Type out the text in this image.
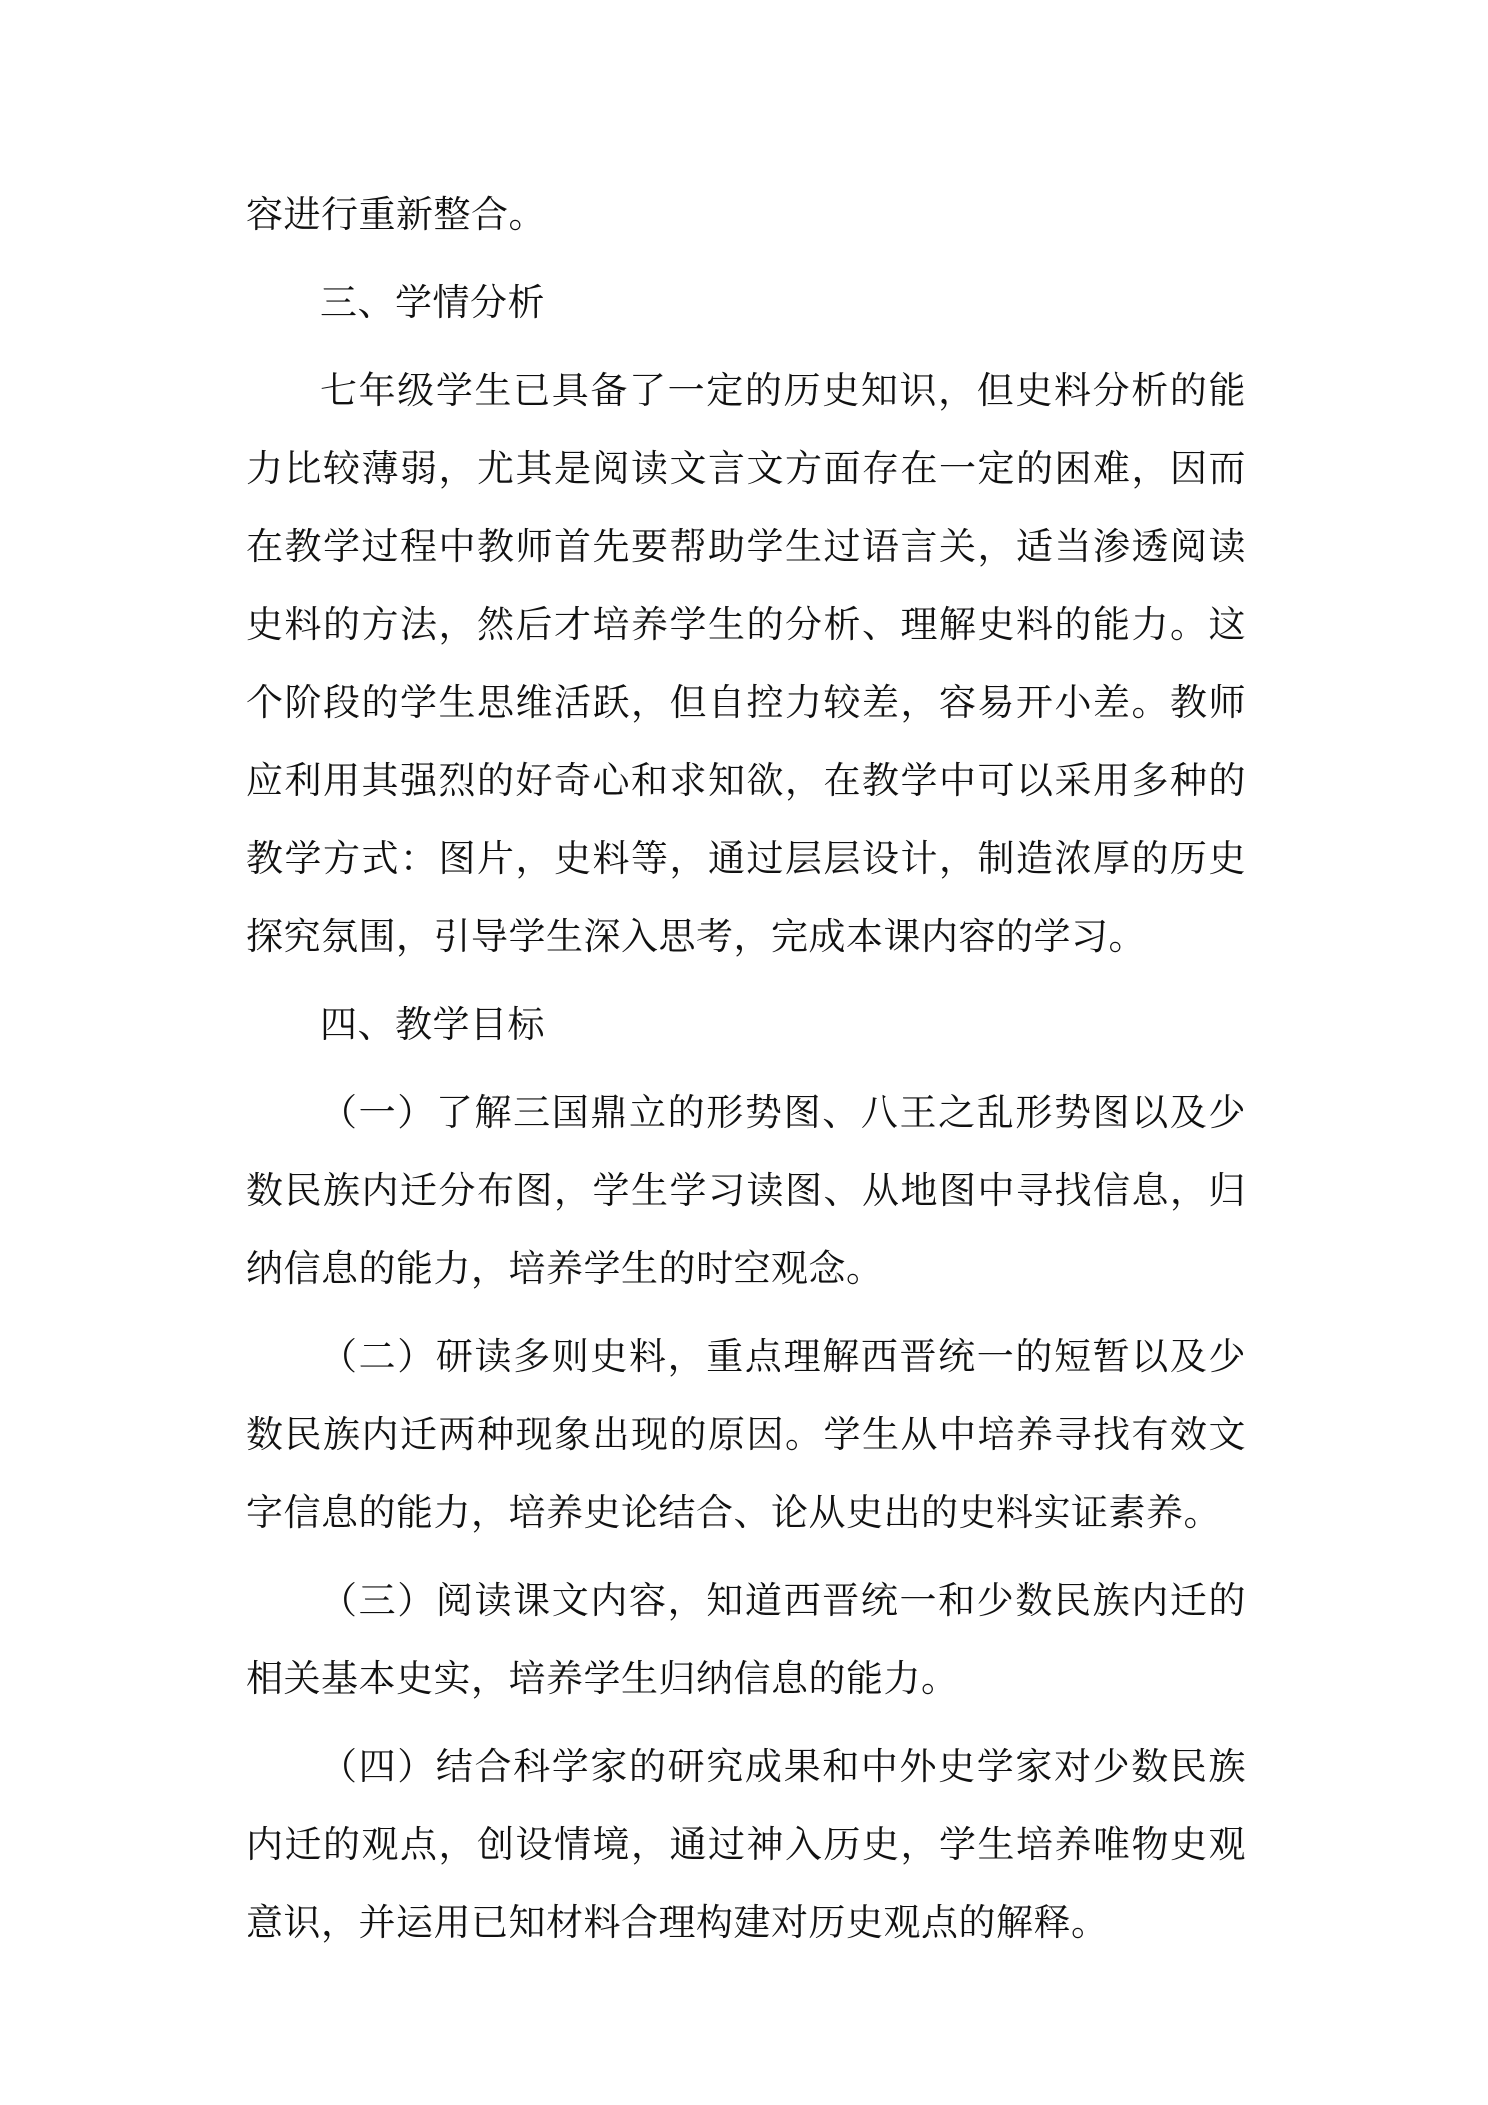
容进行重新整合。

三、学情分析

七年级学生已具备了一定的历史知识，但史料分析的能力比较薄弱，尤其是阅读文言文方面存在一定的困难，因而在教学过程中教师首先要帮助学生过语言关，适当渗透阅读史料的方法，然后才培养学生的分析、理解史料的能力。这个阶段的学生思维活跃，但自控力较差，容易开小差。教师应利用其强烈的好奇心和求知欲，在教学中可以采用多种的教学方式：图片，史料等，通过层层设计，制造浓厚的历史探究氛围，引导学生深入思考，完成本课内容的学习。

四、教学目标

（一）了解三国鼎立的形势图、八王之乱形势图以及少数民族内迁分布图，学生学习读图、从地图中寻找信息，归纳信息的能力，培养学生的时空观念。

（二）研读多则史料，重点理解西晋统一的短暂以及少数民族内迁两种现象出现的原因。学生从中培养寻找有效文字信息的能力，培养史论结合、论从史出的史料实证素养。

（三）阅读课文内容，知道西晋统一和少数民族内迁的相关基本史实，培养学生归纳信息的能力。

（四）结合科学家的研究成果和中外史学家对少数民族内迁的观点，创设情境，通过神入历史，学生培养唯物史观意识，并运用已知材料合理构建对历史观点的解释。
